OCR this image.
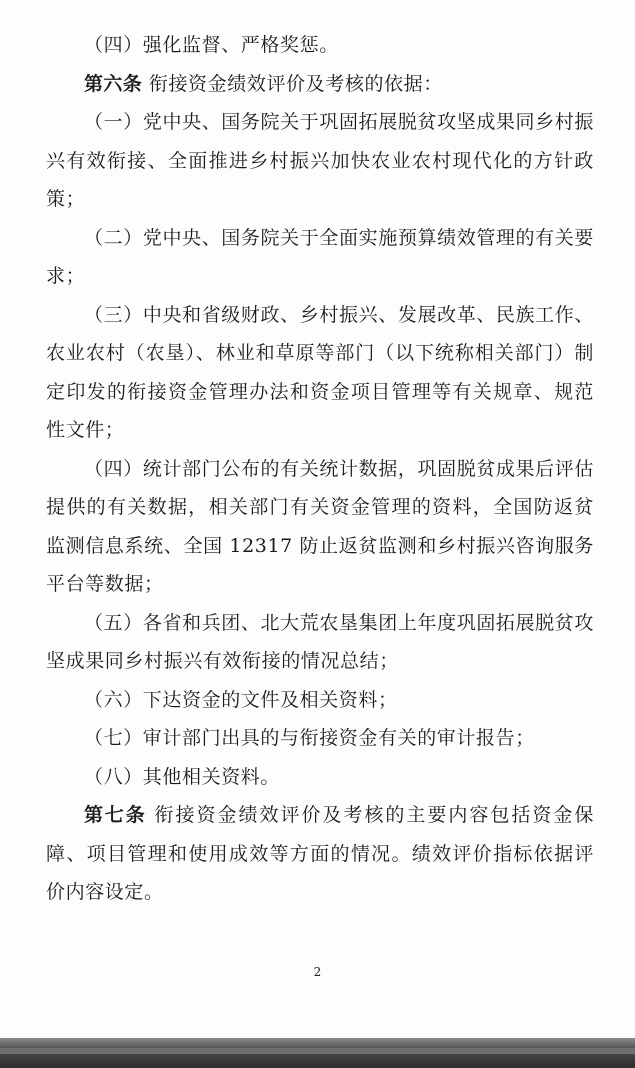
（四）强化监督、严格奖惩。

第六条 衔接资金绩效评价及考核的依据：

（一）党中央、国务院关于巩固拓展脱贫攻坚成果同乡村振兴有效衔接、全面推进乡村振兴加快农业农村现代化的方针政策；

（二）党中央、国务院关于全面实施预算绩效管理的有关要求；

（三）中央和省级财政、乡村振兴、发展改革、民族工作、农业农村（农垦）、林业和草原等部门（以下统称相关部门）制定印发的衔接资金管理办法和资金项目管理等有关规章、规范性文件；

（四）统计部门公布的有关统计数据，巩固脱贫成果后评估提供的有关数据，相关部门有关资金管理的资料，全国防返贫监测信息系统、全国 12317 防止返贫监测和乡村振兴咨询服务平台等数据；

（五）各省和兵团、北大荒农垦集团上年度巩固拓展脱贫攻坚成果同乡村振兴有效衔接的情况总结；

（六）下达资金的文件及相关资料；

（七）审计部门出具的与衔接资金有关的审计报告；

（八）其他相关资料。

第七条 衔接资金绩效评价及考核的主要内容包括资金保障、项目管理和使用成效等方面的情况。绩效评价指标依据评价内容设定。

2
